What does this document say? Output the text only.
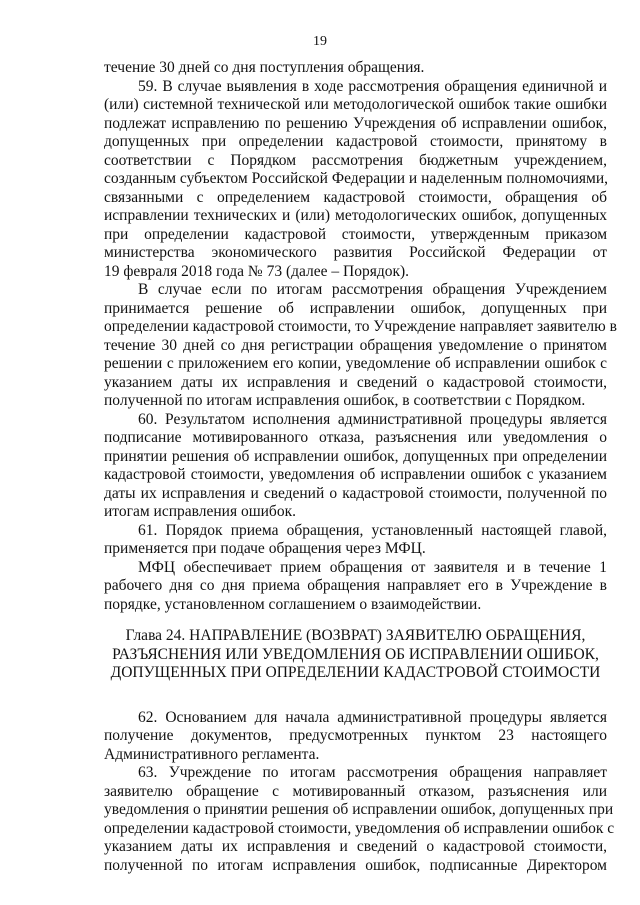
19
течение 30 дней со дня поступления обращения.
59. В случае выявления в ходе рассмотрения обращения единичной и
(или) системной технической или методологической ошибок такие ошибки
подлежат исправлению по решению Учреждения об исправлении ошибок,
допущенных при определении кадастровой стоимости, принятому в
соответствии с Порядком рассмотрения бюджетным учреждением,
созданным субъектом Российской Федерации и наделенным полномочиями,
связанными с определением кадастровой стоимости, обращения об
исправлении технических и (или) методологических ошибок, допущенных
при определении кадастровой стоимости, утвержденным приказом
министерства экономического развития Российской Федерации от
19 февраля 2018 года № 73 (далее – Порядок).
В случае если по итогам рассмотрения обращения Учреждением
принимается решение об исправлении ошибок, допущенных при
определении кадастровой стоимости, то Учреждение направляет заявителю в
течение 30 дней со дня регистрации обращения уведомление о принятом
решении с приложением его копии, уведомление об исправлении ошибок с
указанием даты их исправления и сведений о кадастровой стоимости,
полученной по итогам исправления ошибок, в соответствии с Порядком.
60. Результатом исполнения административной процедуры является
подписание мотивированного отказа, разъяснения или уведомления о
принятии решения об исправлении ошибок, допущенных при определении
кадастровой стоимости, уведомления об исправлении ошибок с указанием
даты их исправления и сведений о кадастровой стоимости, полученной по
итогам исправления ошибок.
61. Порядок приема обращения, установленный настоящей главой,
применяется при подаче обращения через МФЦ.
МФЦ обеспечивает прием обращения от заявителя и в течение 1
рабочего дня со дня приема обращения направляет его в Учреждение в
порядке, установленном соглашением о взаимодействии.
Глава 24. НАПРАВЛЕНИЕ (ВОЗВРАТ) ЗАЯВИТЕЛЮ ОБРАЩЕНИЯ,
РАЗЪЯСНЕНИЯ ИЛИ УВЕДОМЛЕНИЯ ОБ ИСПРАВЛЕНИИ ОШИБОК,
ДОПУЩЕННЫХ ПРИ ОПРЕДЕЛЕНИИ КАДАСТРОВОЙ СТОИМОСТИ
62. Основанием для начала административной процедуры является
получение документов, предусмотренных пунктом 23 настоящего
Административного регламента.
63. Учреждение по итогам рассмотрения обращения направляет
заявителю обращение с мотивированный отказом, разъяснения или
уведомления о принятии решения об исправлении ошибок, допущенных при
определении кадастровой стоимости, уведомления об исправлении ошибок с
указанием даты их исправления и сведений о кадастровой стоимости,
полученной по итогам исправления ошибок, подписанные Директором
